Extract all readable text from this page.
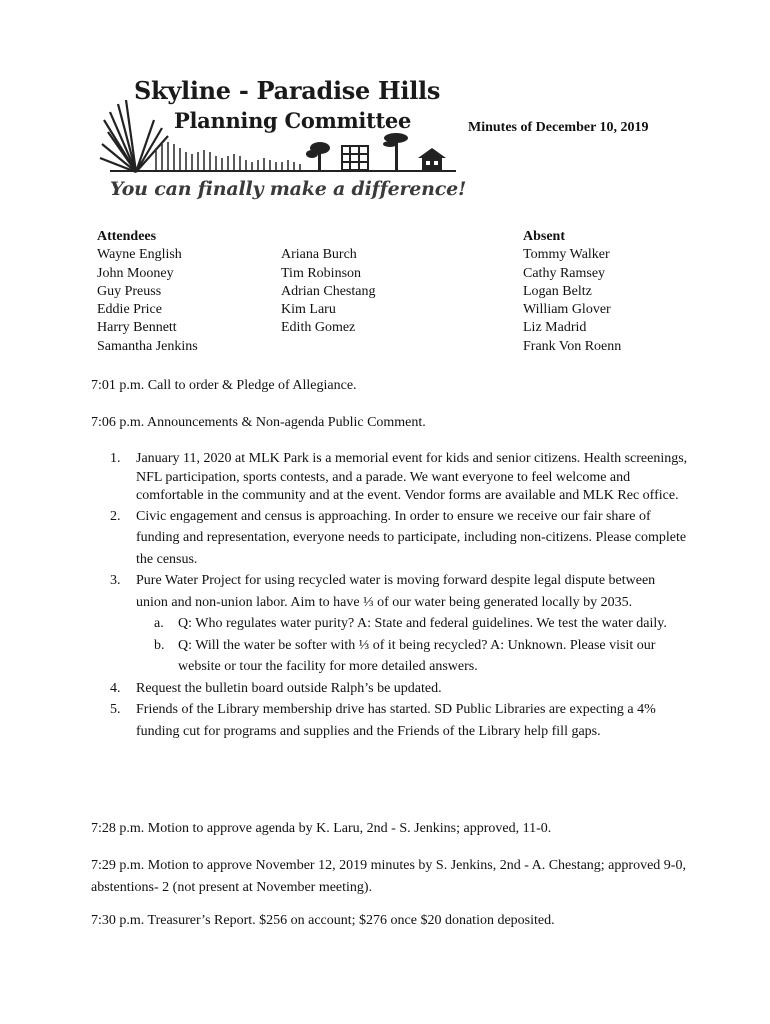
Skyline - Paradise Hills
Planning Committee
You can finally make a difference!
Minutes of December 10, 2019
Attendees
Wayne English
John Mooney
Guy Preuss
Eddie Price
Harry Bennett
Samantha Jenkins
Ariana Burch
Tim Robinson
Adrian Chestang
Kim Laru
Edith Gomez
Absent
Tommy Walker
Cathy Ramsey
Logan Beltz
William Glover
Liz Madrid
Frank Von Roenn
7:01 p.m. Call to order & Pledge of Allegiance.
7:06 p.m. Announcements & Non-agenda Public Comment.
1. January 11, 2020 at MLK Park is a memorial event for kids and senior citizens. Health screenings, NFL participation, sports contests, and a parade. We want everyone to feel welcome and comfortable in the community and at the event. Vendor forms are available and MLK Rec office.
2. Civic engagement and census is approaching. In order to ensure we receive our fair share of funding and representation, everyone needs to participate, including non-citizens. Please complete the census.
3. Pure Water Project for using recycled water is moving forward despite legal dispute between union and non-union labor. Aim to have ⅓ of our water being generated locally by 2035.
a. Q: Who regulates water purity? A: State and federal guidelines. We test the water daily.
b. Q: Will the water be softer with ⅓ of it being recycled? A: Unknown. Please visit our website or tour the facility for more detailed answers.
4. Request the bulletin board outside Ralph’s be updated.
5. Friends of the Library membership drive has started. SD Public Libraries are expecting a 4% funding cut for programs and supplies and the Friends of the Library help fill gaps.
7:28 p.m. Motion to approve agenda by K. Laru, 2nd - S. Jenkins; approved, 11-0.
7:29 p.m. Motion to approve November 12, 2019 minutes by S. Jenkins, 2nd - A. Chestang; approved 9-0, abstentions- 2 (not present at November meeting).
7:30 p.m. Treasurer’s Report. $256 on account; $276 once $20 donation deposited.
